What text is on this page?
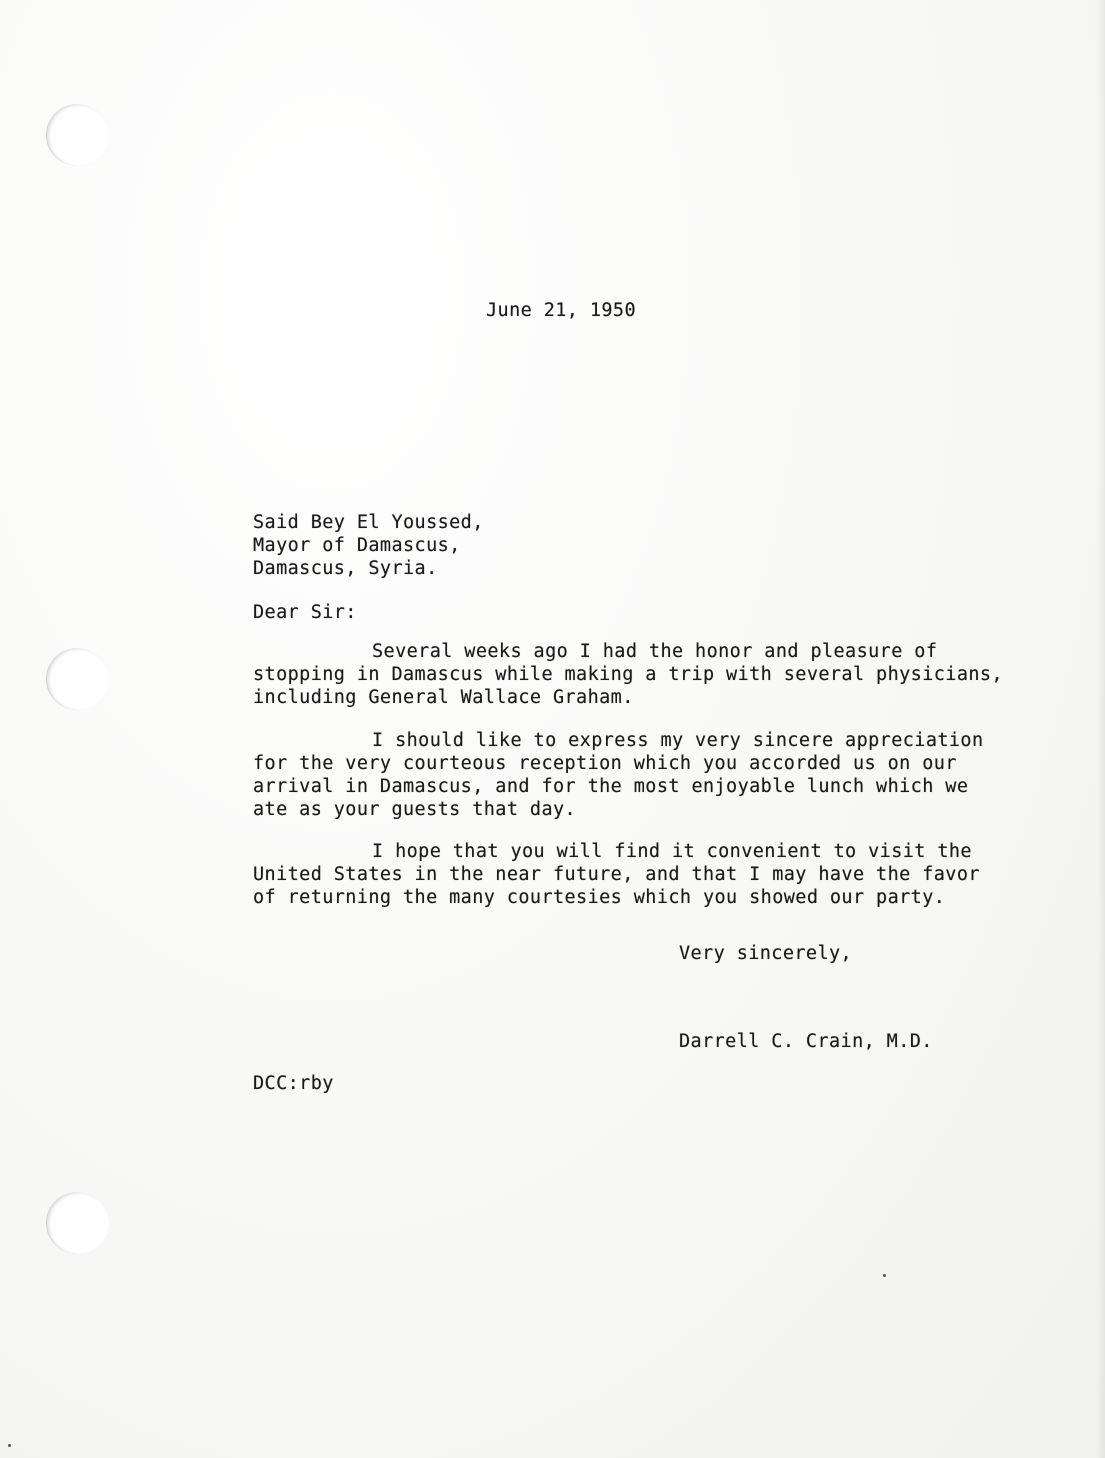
June 21, 1950

Said Bey El Youssed,

Mayor of Damascus,

Damascus, Syria.

Dear Sir:

Several weeks ago I had the honor and pleasure of

stopping in Damascus while making a trip with several physicians,

including General Wallace Graham.

I should like to express my very sincere appreciation

for the very courteous reception which you accorded us on our

arrival in Damascus, and for the most enjoyable lunch which we

ate as your guests that day.

I hope that you will find it convenient to visit the

United States in the near future, and that I may have the favor

of returning the many courtesies which you showed our party.

Very sincerely,

Darrell C. Crain, M.D.

DCC:rby
